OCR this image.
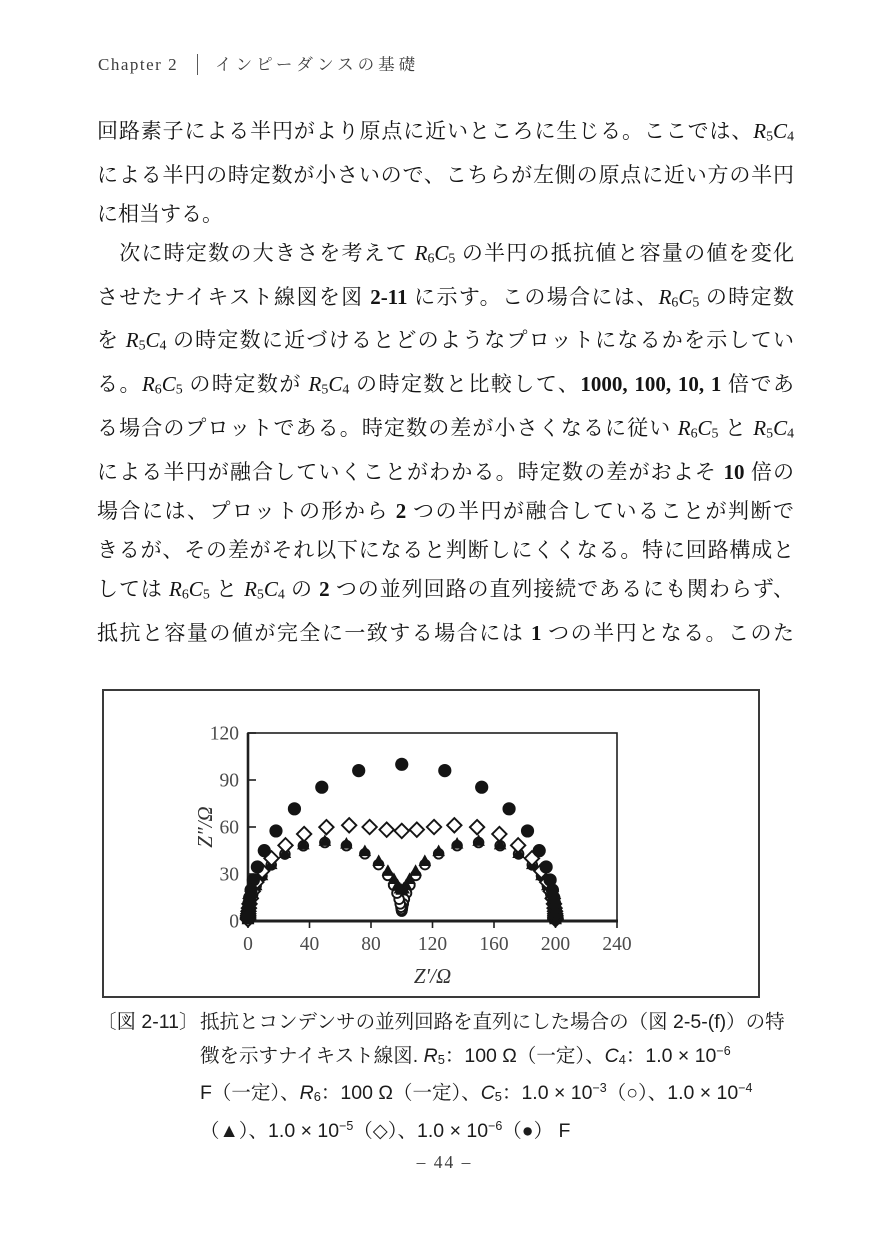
Chapter 2 インピーダンスの基礎
回路素子による半円がより原点に近いところに生じる。ここでは、$R_5C_4$
による半円の時定数が小さいので、こちらが左側の原点に近い方の半円
に相当する。
　次に時定数の大きさを考えて $R_6C_5$ の半円の抵抗値と容量の値を変化
させたナイキスト線図を図 2-11 に示す。この場合には、$R_6C_5$ の時定数
を $R_5C_4$ の時定数に近づけるとどのようなプロットになるかを示してい
る。$R_6C_5$ の時定数が $R_5C_4$ の時定数と比較して、1000, 100, 10, 1 倍であ
る場合のプロットである。時定数の差が小さくなるに従い $R_6C_5$ と $R_5C_4$
による半円が融合していくことがわかる。時定数の差がおよそ 10 倍の
場合には、プロットの形から 2 つの半円が融合していることが判断で
きるが、その差がそれ以下になると判断しにくくなる。特に回路構成と
しては $R_6C_5$ と $R_5C_4$ の 2 つの並列回路の直列接続であるにも関わらず、
抵抗と容量の値が完全に一致する場合には 1 つの半円となる。このた
0 40 80 120 160 200 240
0
30
60
90
120
Z′/Ω
Z″/Ω
〔図 2-11〕 抵抗とコンデンサの並列回路を直列にした場合の（図 2-5-(f)）の特
徴を示すナイキスト線図. $R_5$：100 Ω（一定）、$C_4$：$1.0 \times 10^{-6}$
F（一定）、$R_6$：100 Ω（一定）、$C_5$：$1.0 \times 10^{-3}(○)$、$1.0 \times 10^{-4}$
（▲）、$1.0 \times 10^{-5}(◇)$、$1.0 \times 10^{-6}(●)$ F
– 44 –
